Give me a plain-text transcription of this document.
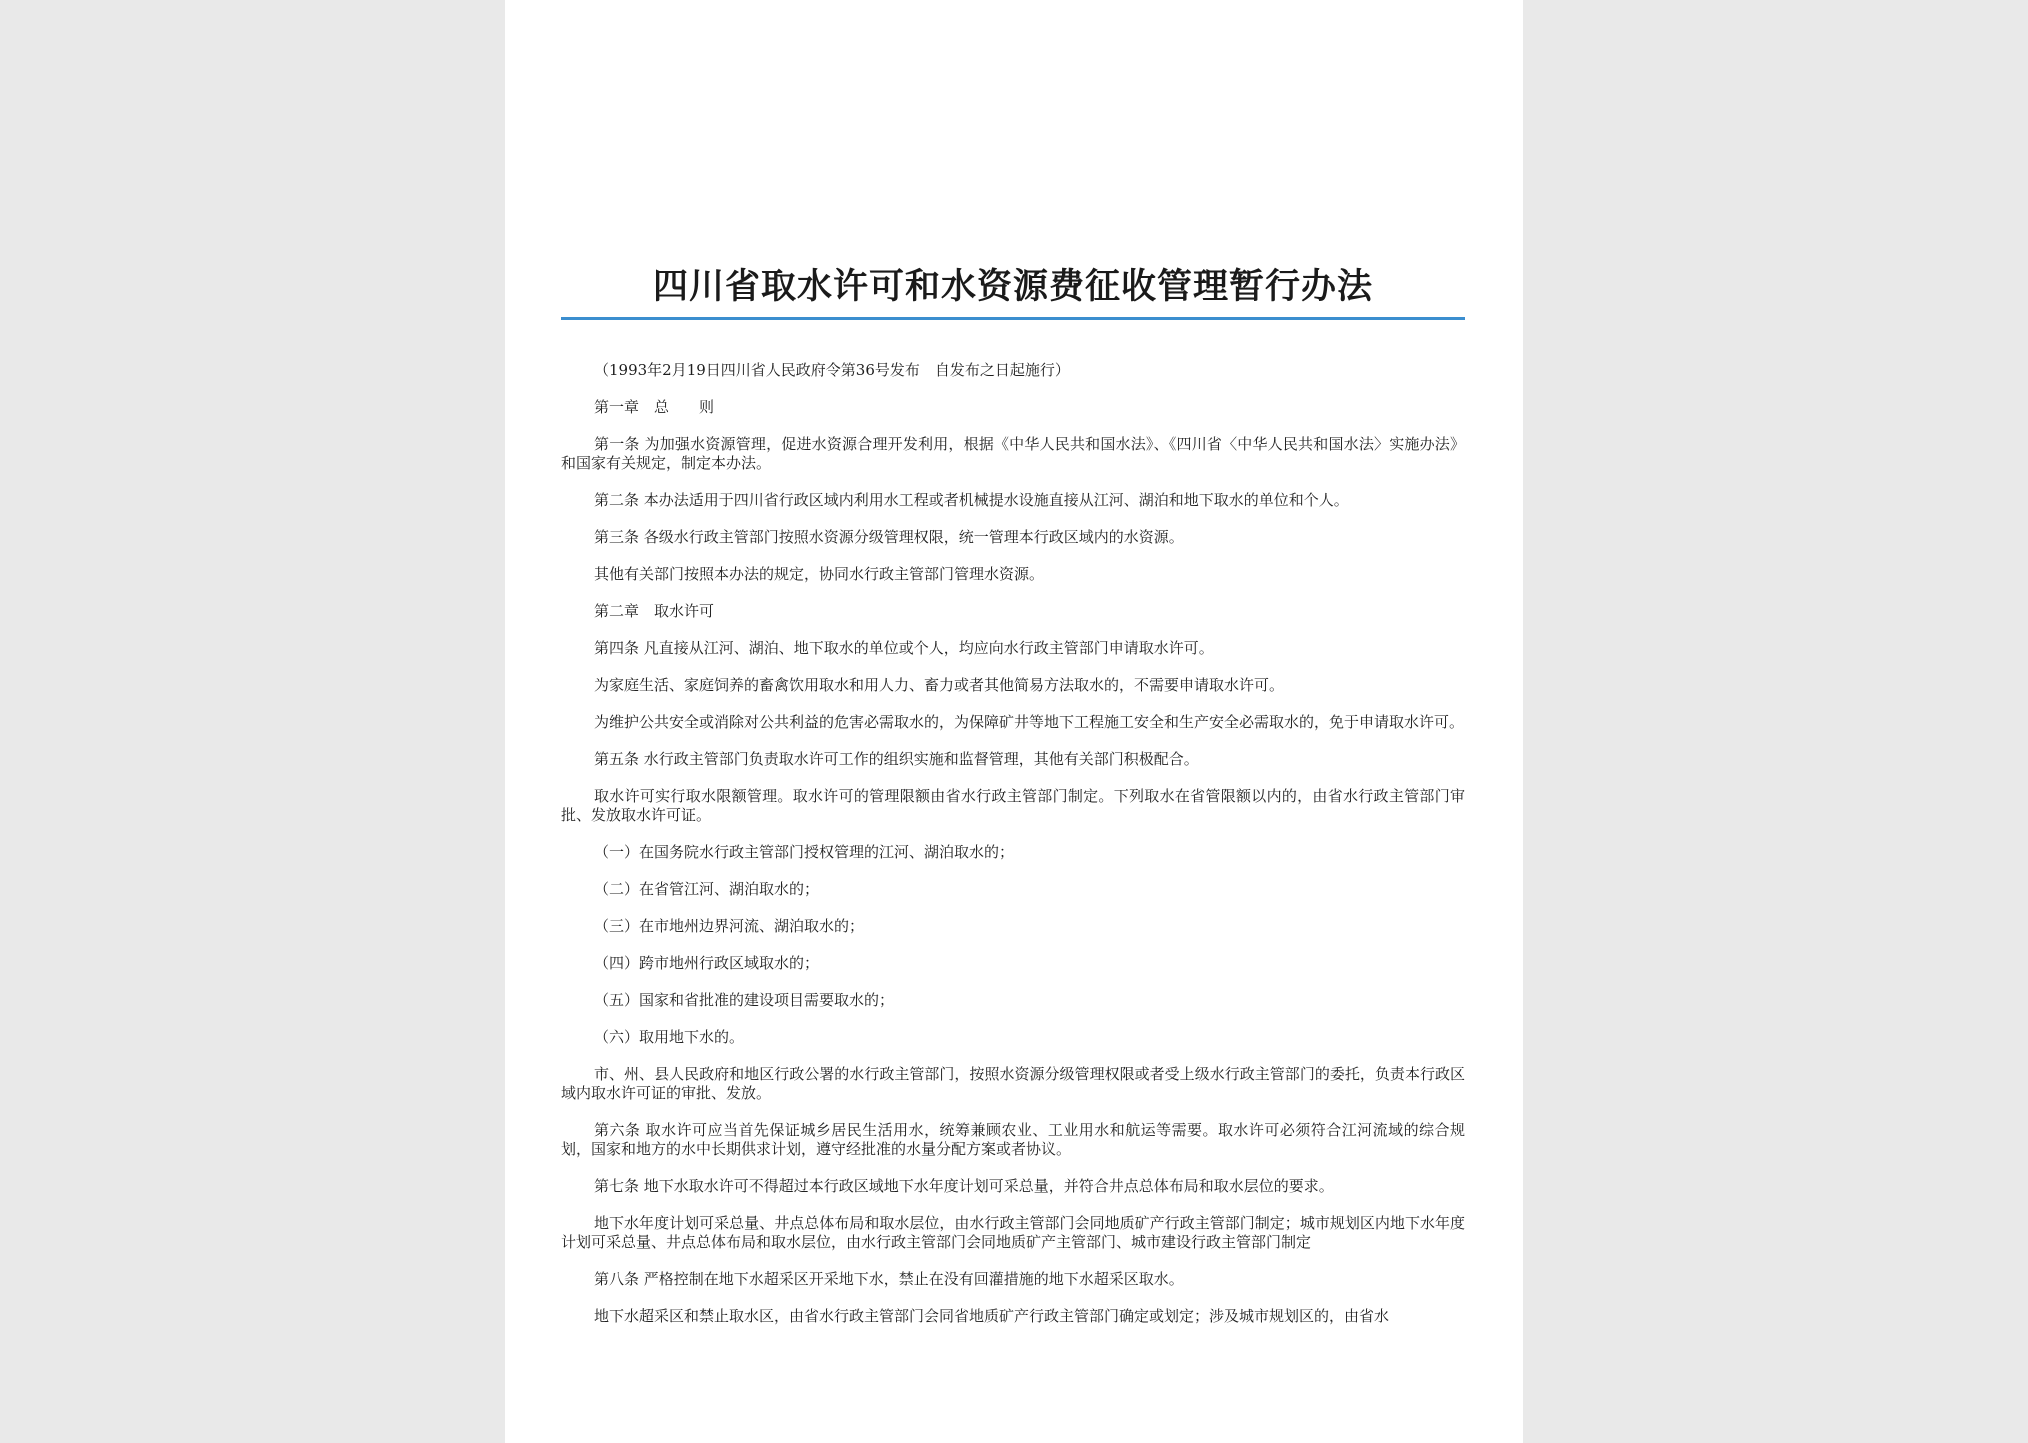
四川省取水许可和水资源费征收管理暂行办法

（1993年2月19日四川省人民政府令第36号发布　自发布之日起施行）

第一章　总　　则

第一条 为加强水资源管理，促进水资源合理开发利用，根据《中华人民共和国水法》、《四川省〈中华人民共和国水法〉实施办法》和国家有关规定，制定本办法。

第二条 本办法适用于四川省行政区域内利用水工程或者机械提水设施直接从江河、湖泊和地下取水的单位和个人。

第三条 各级水行政主管部门按照水资源分级管理权限，统一管理本行政区域内的水资源。

其他有关部门按照本办法的规定，协同水行政主管部门管理水资源。

第二章　取水许可

第四条 凡直接从江河、湖泊、地下取水的单位或个人，均应向水行政主管部门申请取水许可。

为家庭生活、家庭饲养的畜禽饮用取水和用人力、畜力或者其他简易方法取水的，不需要申请取水许可。

为维护公共安全或消除对公共利益的危害必需取水的，为保障矿井等地下工程施工安全和生产安全必需取水的，免于申请取水许可。

第五条 水行政主管部门负责取水许可工作的组织实施和监督管理，其他有关部门积极配合。

取水许可实行取水限额管理。取水许可的管理限额由省水行政主管部门制定。下列取水在省管限额以内的，由省水行政主管部门审批、发放取水许可证。

（一）在国务院水行政主管部门授权管理的江河、湖泊取水的；

（二）在省管江河、湖泊取水的；

（三）在市地州边界河流、湖泊取水的；

（四）跨市地州行政区域取水的；

（五）国家和省批准的建设项目需要取水的；

（六）取用地下水的。

市、州、县人民政府和地区行政公署的水行政主管部门，按照水资源分级管理权限或者受上级水行政主管部门的委托，负责本行政区域内取水许可证的审批、发放。

第六条 取水许可应当首先保证城乡居民生活用水，统筹兼顾农业、工业用水和航运等需要。取水许可必须符合江河流域的综合规划，国家和地方的水中长期供求计划，遵守经批准的水量分配方案或者协议。

第七条 地下水取水许可不得超过本行政区域地下水年度计划可采总量，并符合井点总体布局和取水层位的要求。

地下水年度计划可采总量、井点总体布局和取水层位，由水行政主管部门会同地质矿产行政主管部门制定；城市规划区内地下水年度计划可采总量、井点总体布局和取水层位，由水行政主管部门会同地质矿产主管部门、城市建设行政主管部门制定

第八条 严格控制在地下水超采区开采地下水，禁止在没有回灌措施的地下水超采区取水。

地下水超采区和禁止取水区，由省水行政主管部门会同省地质矿产行政主管部门确定或划定；涉及城市规划区的，由省水
